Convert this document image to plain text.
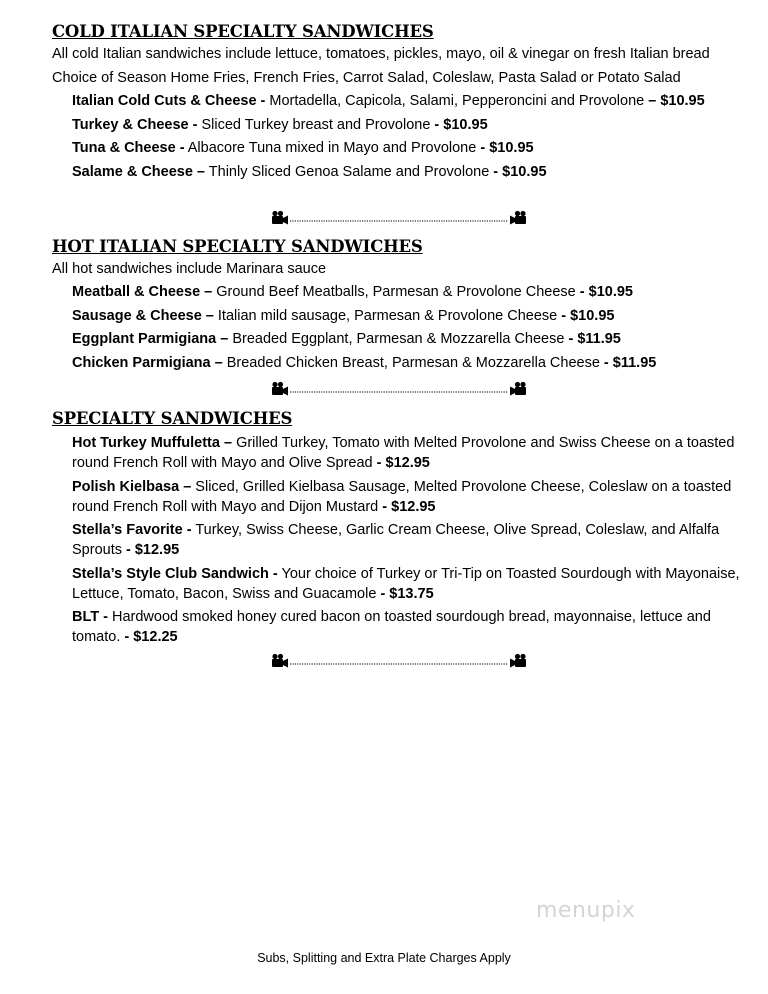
COLD ITALIAN SPECIALTY SANDWICHES

All cold Italian sandwiches include lettuce, tomatoes, pickles, mayo, oil & vinegar on fresh Italian bread

Choice of Season Home Fries, French Fries, Carrot Salad, Coleslaw, Pasta Salad or Potato Salad

Italian Cold Cuts & Cheese - Mortadella, Capicola, Salami, Pepperoncini and Provolone – $10.95
Turkey & Cheese - Sliced Turkey breast and Provolone - $10.95
Tuna & Cheese - Albacore Tuna mixed in Mayo and Provolone - $10.95
Salame & Cheese – Thinly Sliced Genoa Salame and Provolone - $10.95
HOT ITALIAN SPECIALTY SANDWICHES

All hot sandwiches include Marinara sauce

Meatball & Cheese – Ground Beef Meatballs, Parmesan & Provolone Cheese - $10.95
Sausage & Cheese – Italian mild sausage, Parmesan & Provolone Cheese - $10.95
Eggplant Parmigiana – Breaded Eggplant, Parmesan & Mozzarella Cheese - $11.95
Chicken Parmigiana – Breaded Chicken Breast, Parmesan & Mozzarella Cheese - $11.95
SPECIALTY SANDWICHES
Hot Turkey Muffuletta – Grilled Turkey, Tomato with Melted Provolone and Swiss Cheese on a toasted round French Roll with Mayo and Olive Spread - $12.95
Polish Kielbasa – Sliced, Grilled Kielbasa Sausage, Melted Provolone Cheese, Coleslaw on a toasted round French Roll with Mayo and Dijon Mustard - $12.95
Stella’s Favorite - Turkey, Swiss Cheese, Garlic Cream Cheese, Olive Spread, Coleslaw, and Alfalfa Sprouts - $12.95
Stella’s Style Club Sandwich - Your choice of Turkey or Tri-Tip on Toasted Sourdough with Mayonaise, Lettuce, Tomato, Bacon, Swiss and Guacamole - $13.75
BLT - Hardwood smoked honey cured bacon on toasted sourdough bread, mayonnaise, lettuce and tomato. - $12.25
menupix
Subs, Splitting and Extra Plate Charges Apply
